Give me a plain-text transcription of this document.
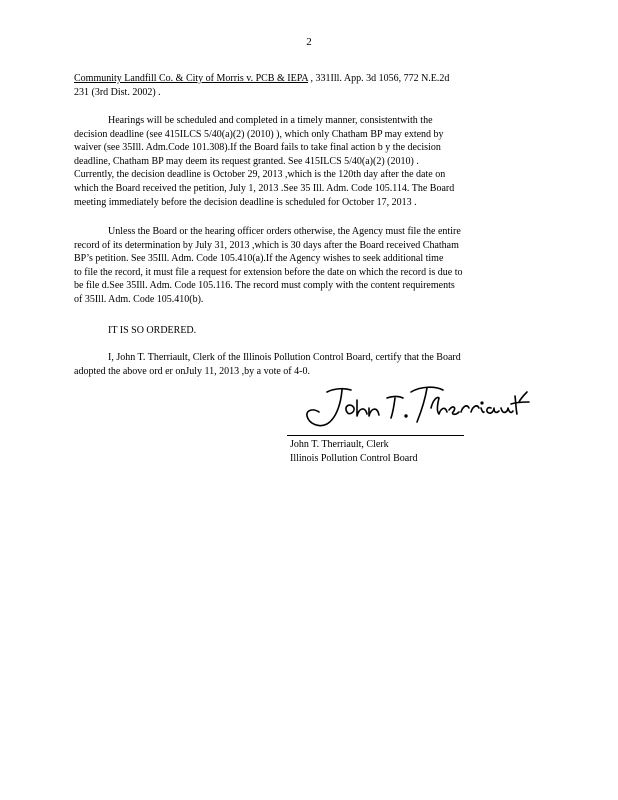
2
Community Landfill Co. & City of Morris v. PCB & IEPA , 331Ill. App. 3d 1056, 772 N.E.2d
231 (3rd Dist. 2002) .
Hearings will be scheduled and completed in a timely manner, consistentwith the
decision deadline (see 415ILCS 5/40(a)(2) (2010) ), which only Chatham BP may extend by
waiver (see 35Ill. Adm.Code 101.308).If the Board fails to take final action b y the decision
deadline, Chatham BP may deem its request granted. See 415ILCS 5/40(a)(2) (2010) .
Currently, the decision deadline is October 29, 2013 ,which is the 120th day after the date on
which the Board received the petition, July 1, 2013 .See 35 Ill. Adm. Code 105.114. The Board
meeting immediately before the decision deadline is scheduled for October 17, 2013 .
Unless the Board or the hearing officer orders otherwise, the Agency must file the entire
record of its determination by July 31, 2013 ,which is 30 days after the Board received Chatham
BP’s petition. See 35Ill. Adm. Code 105.410(a).If the Agency wishes to seek additional time
to file the record, it must file a request for extension before the date on which the record is due to
be file d.See 35Ill. Adm. Code 105.116. The record must comply with the content requirements
of 35Ill. Adm. Code 105.410(b).
IT IS SO ORDERED.
I, John T. Therriault, Clerk of the Illinois Pollution Control Board, certify that the Board
adopted the above ord er onJuly 11, 2013 ,by a vote of 4-0.
John T. Therriault, Clerk
Illinois Pollution Control Board
